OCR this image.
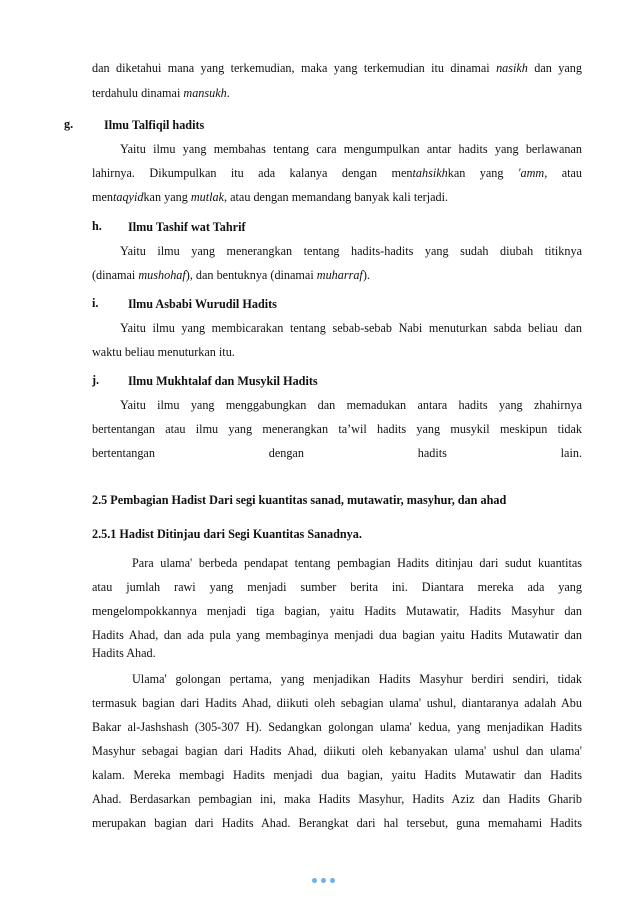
dan diketahui mana yang terkemudian, maka yang terkemudian itu dinamai nasikh dan yang
terdahulu dinamai mansukh.
g.	Ilmu Talfiqil hadits
Yaitu ilmu yang membahas tentang cara mengumpulkan antar hadits yang berlawanan
lahirnya. Dikumpulkan itu ada kalanya dengan mentahsikhkan yang 'amm, atau
mentaqyidkan yang mutlak, atau dengan memandang banyak kali terjadi.
h. Ilmu Tashif wat Tahrif
Yaitu ilmu yang menerangkan tentang hadits-hadits yang sudah diubah titiknya
(dinamai mushohaf), dan bentuknya (dinamai muharraf).
i. Ilmu Asbabi Wurudil Hadits
Yaitu ilmu yang membicarakan tentang sebab-sebab Nabi menuturkan sabda beliau dan
waktu beliau menuturkan itu.
j. Ilmu Mukhtalaf dan Musykil Hadits
Yaitu ilmu yang menggabungkan dan memadukan antara hadits yang zhahirnya
bertentangan atau ilmu yang menerangkan ta’wil hadits yang musykil meskipun tidak
bertentangan dengan hadits lain.
2.5 Pembagian Hadist Dari segi kuantitas sanad, mutawatir, masyhur, dan ahad
2.5.1 Hadist Ditinjau dari Segi Kuantitas Sanadnya.
Para ulama' berbeda pendapat tentang pembagian Hadits ditinjau dari sudut kuantitas
atau jumlah rawi yang menjadi sumber berita ini. Diantara mereka ada yang
mengelompokkannya menjadi tiga bagian, yaitu Hadits Mutawatir, Hadits Masyhur dan
Hadits Ahad, dan ada pula yang membaginya menjadi dua bagian yaitu Hadits Mutawatir dan
Hadits Ahad.
Ulama' golongan pertama, yang menjadikan Hadits Masyhur berdiri sendiri, tidak
termasuk bagian dari Hadits Ahad, diikuti oleh sebagian ulama' ushul, diantaranya adalah Abu
Bakar al-Jashshash (305-307 H). Sedangkan golongan ulama' kedua, yang menjadikan Hadits
Masyhur sebagai bagian dari Hadits Ahad, diikuti oleh kebanyakan ulama' ushul dan ulama'
kalam. Mereka membagi Hadits menjadi dua bagian, yaitu Hadits Mutawatir dan Hadits
Ahad. Berdasarkan pembagian ini, maka Hadits Masyhur, Hadits Aziz dan Hadits Gharib
merupakan bagian dari Hadits Ahad. Berangkat dari hal tersebut, guna memahami Hadits
